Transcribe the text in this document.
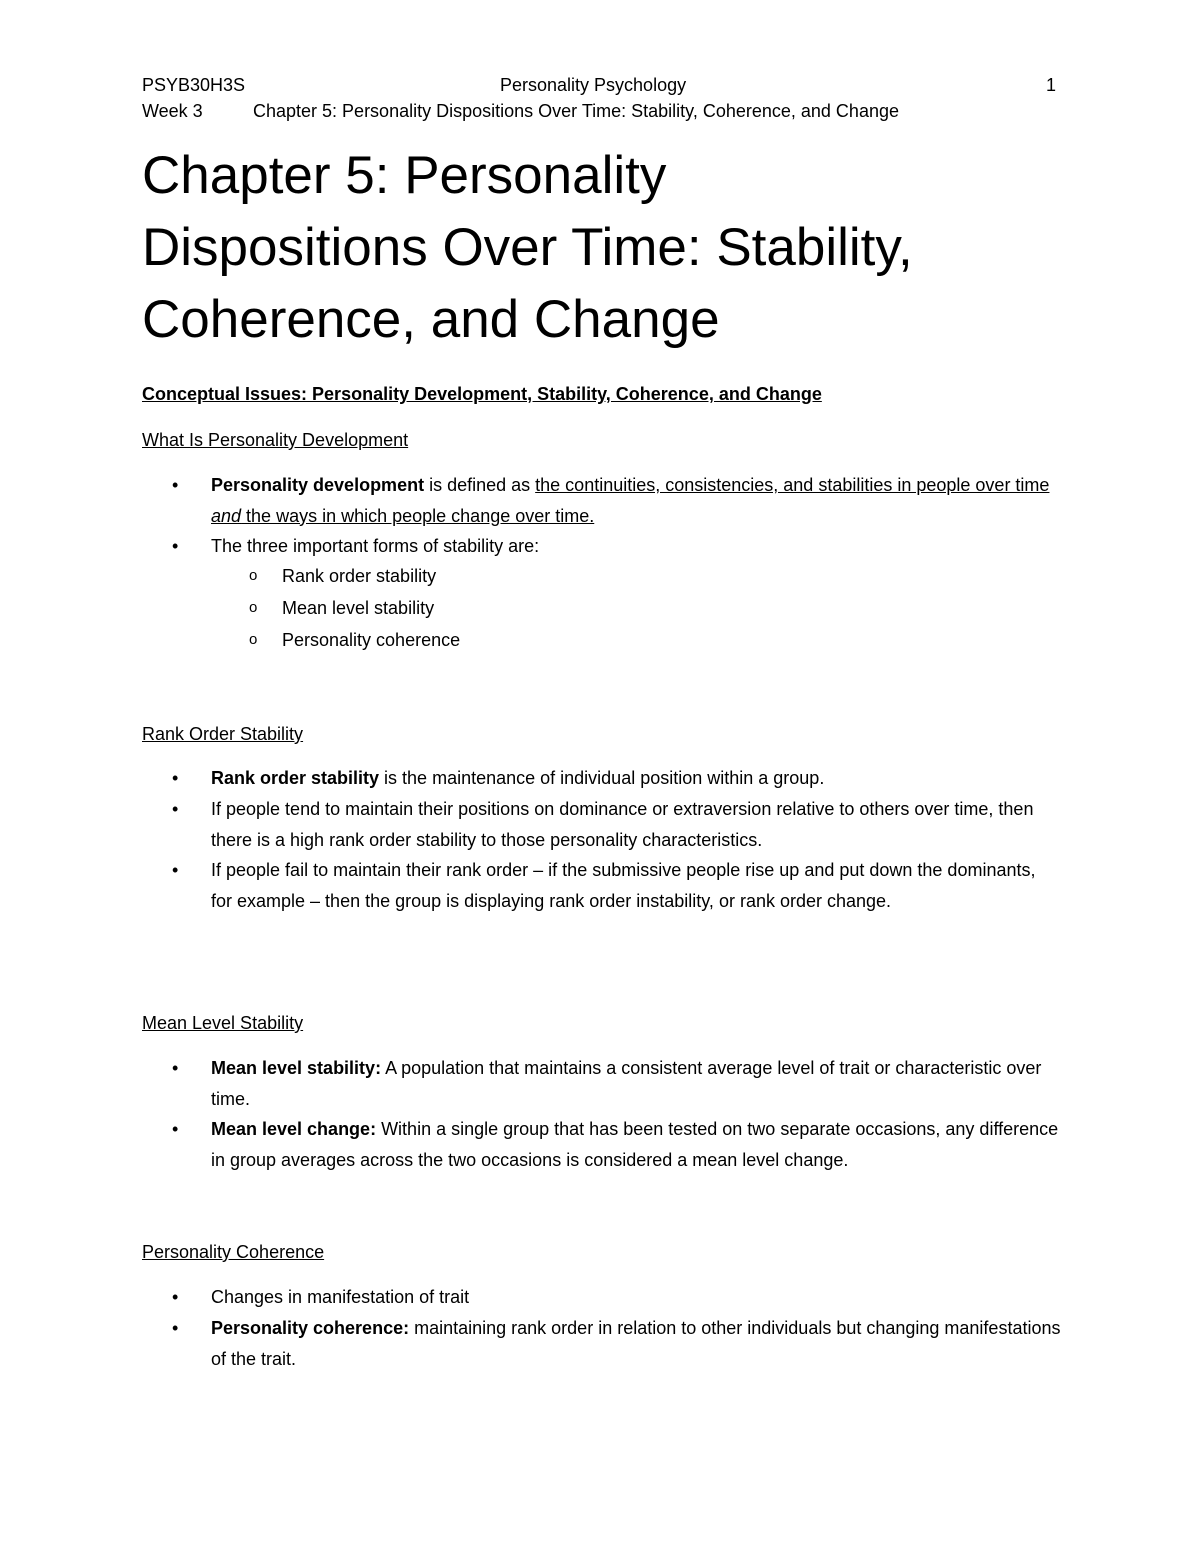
PSYB30H3S	Personality Psychology	1
Week 3	Chapter 5: Personality Dispositions Over Time: Stability, Coherence, and Change
Chapter 5: Personality
Dispositions Over Time: Stability,
Coherence, and Change
Conceptual Issues: Personality Development, Stability, Coherence, and Change
What Is Personality Development
• Personality development is defined as the continuities, consistencies, and stabilities in people over time and the ways in which people change over time.
• The three important forms of stability are:
o Rank order stability
o Mean level stability
o Personality coherence
Rank Order Stability
• Rank order stability is the maintenance of individual position within a group.
• If people tend to maintain their positions on dominance or extraversion relative to others over time, then there is a high rank order stability to those personality characteristics.
• If people fail to maintain their rank order – if the submissive people rise up and put down the dominants, for example – then the group is displaying rank order instability, or rank order change.
Mean Level Stability
• Mean level stability: A population that maintains a consistent average level of trait or characteristic over time.
• Mean level change: Within a single group that has been tested on two separate occasions, any difference in group averages across the two occasions is considered a mean level change.
Personality Coherence
• Changes in manifestation of trait
• Personality coherence: maintaining rank order in relation to other individuals but changing manifestations of the trait.
